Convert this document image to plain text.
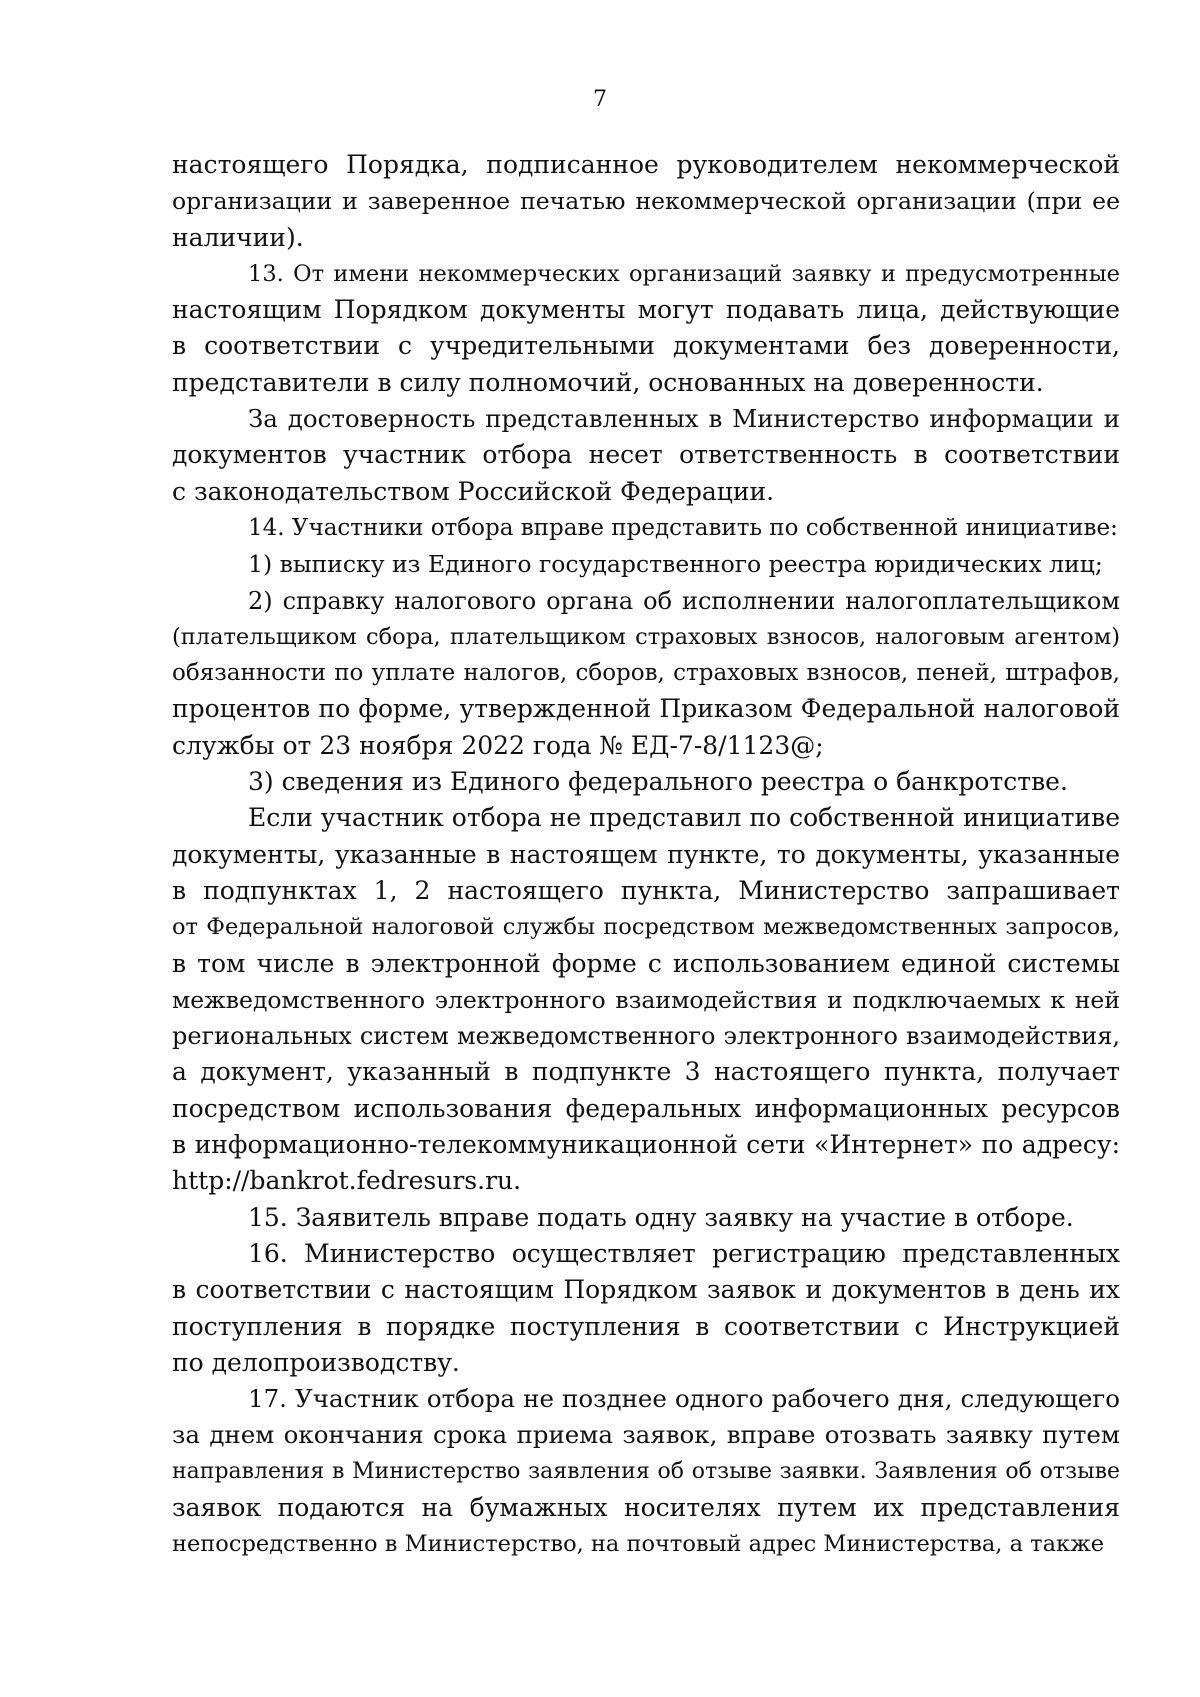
7
настоящего Порядка, подписанное руководителем некоммерческой
организации и заверенное печатью некоммерческой организации (при ее
наличии).
13. От имени некоммерческих организаций заявку и предусмотренные
настоящим Порядком документы могут подавать лица, действующие
в соответствии с учредительными документами без доверенности,
представители в силу полномочий, основанных на доверенности.
За достоверность представленных в Министерство информации и
документов участник отбора несет ответственность в соответствии
с законодательством Российской Федерации.
14. Участники отбора вправе представить по собственной инициативе:
1) выписку из Единого государственного реестра юридических лиц;
2) справку налогового органа об исполнении налогоплательщиком
(плательщиком сбора, плательщиком страховых взносов, налоговым агентом)
обязанности по уплате налогов, сборов, страховых взносов, пеней, штрафов,
процентов по форме, утвержденной Приказом Федеральной налоговой
службы от 23 ноября 2022 года № ЕД-7-8/1123@;
3) сведения из Единого федерального реестра о банкротстве.
Если участник отбора не представил по собственной инициативе
документы, указанные в настоящем пункте, то документы, указанные
в подпунктах 1, 2 настоящего пункта, Министерство запрашивает
от Федеральной налоговой службы посредством межведомственных запросов,
в том числе в электронной форме с использованием единой системы
межведомственного электронного взаимодействия и подключаемых к ней
региональных систем межведомственного электронного взаимодействия,
а документ, указанный в подпункте 3 настоящего пункта, получает
посредством использования федеральных информационных ресурсов
в информационно-телекоммуникационной сети «Интернет» по адресу:
http://bankrot.fedresurs.ru.
15. Заявитель вправе подать одну заявку на участие в отборе.
16. Министерство осуществляет регистрацию представленных
в соответствии с настоящим Порядком заявок и документов в день их
поступления в порядке поступления в соответствии с Инструкцией
по делопроизводству.
17. Участник отбора не позднее одного рабочего дня, следующего
за днем окончания срока приема заявок, вправе отозвать заявку путем
направления в Министерство заявления об отзыве заявки. Заявления об отзыве
заявок подаются на бумажных носителях путем их представления
непосредственно в Министерство, на почтовый адрес Министерства, а также
